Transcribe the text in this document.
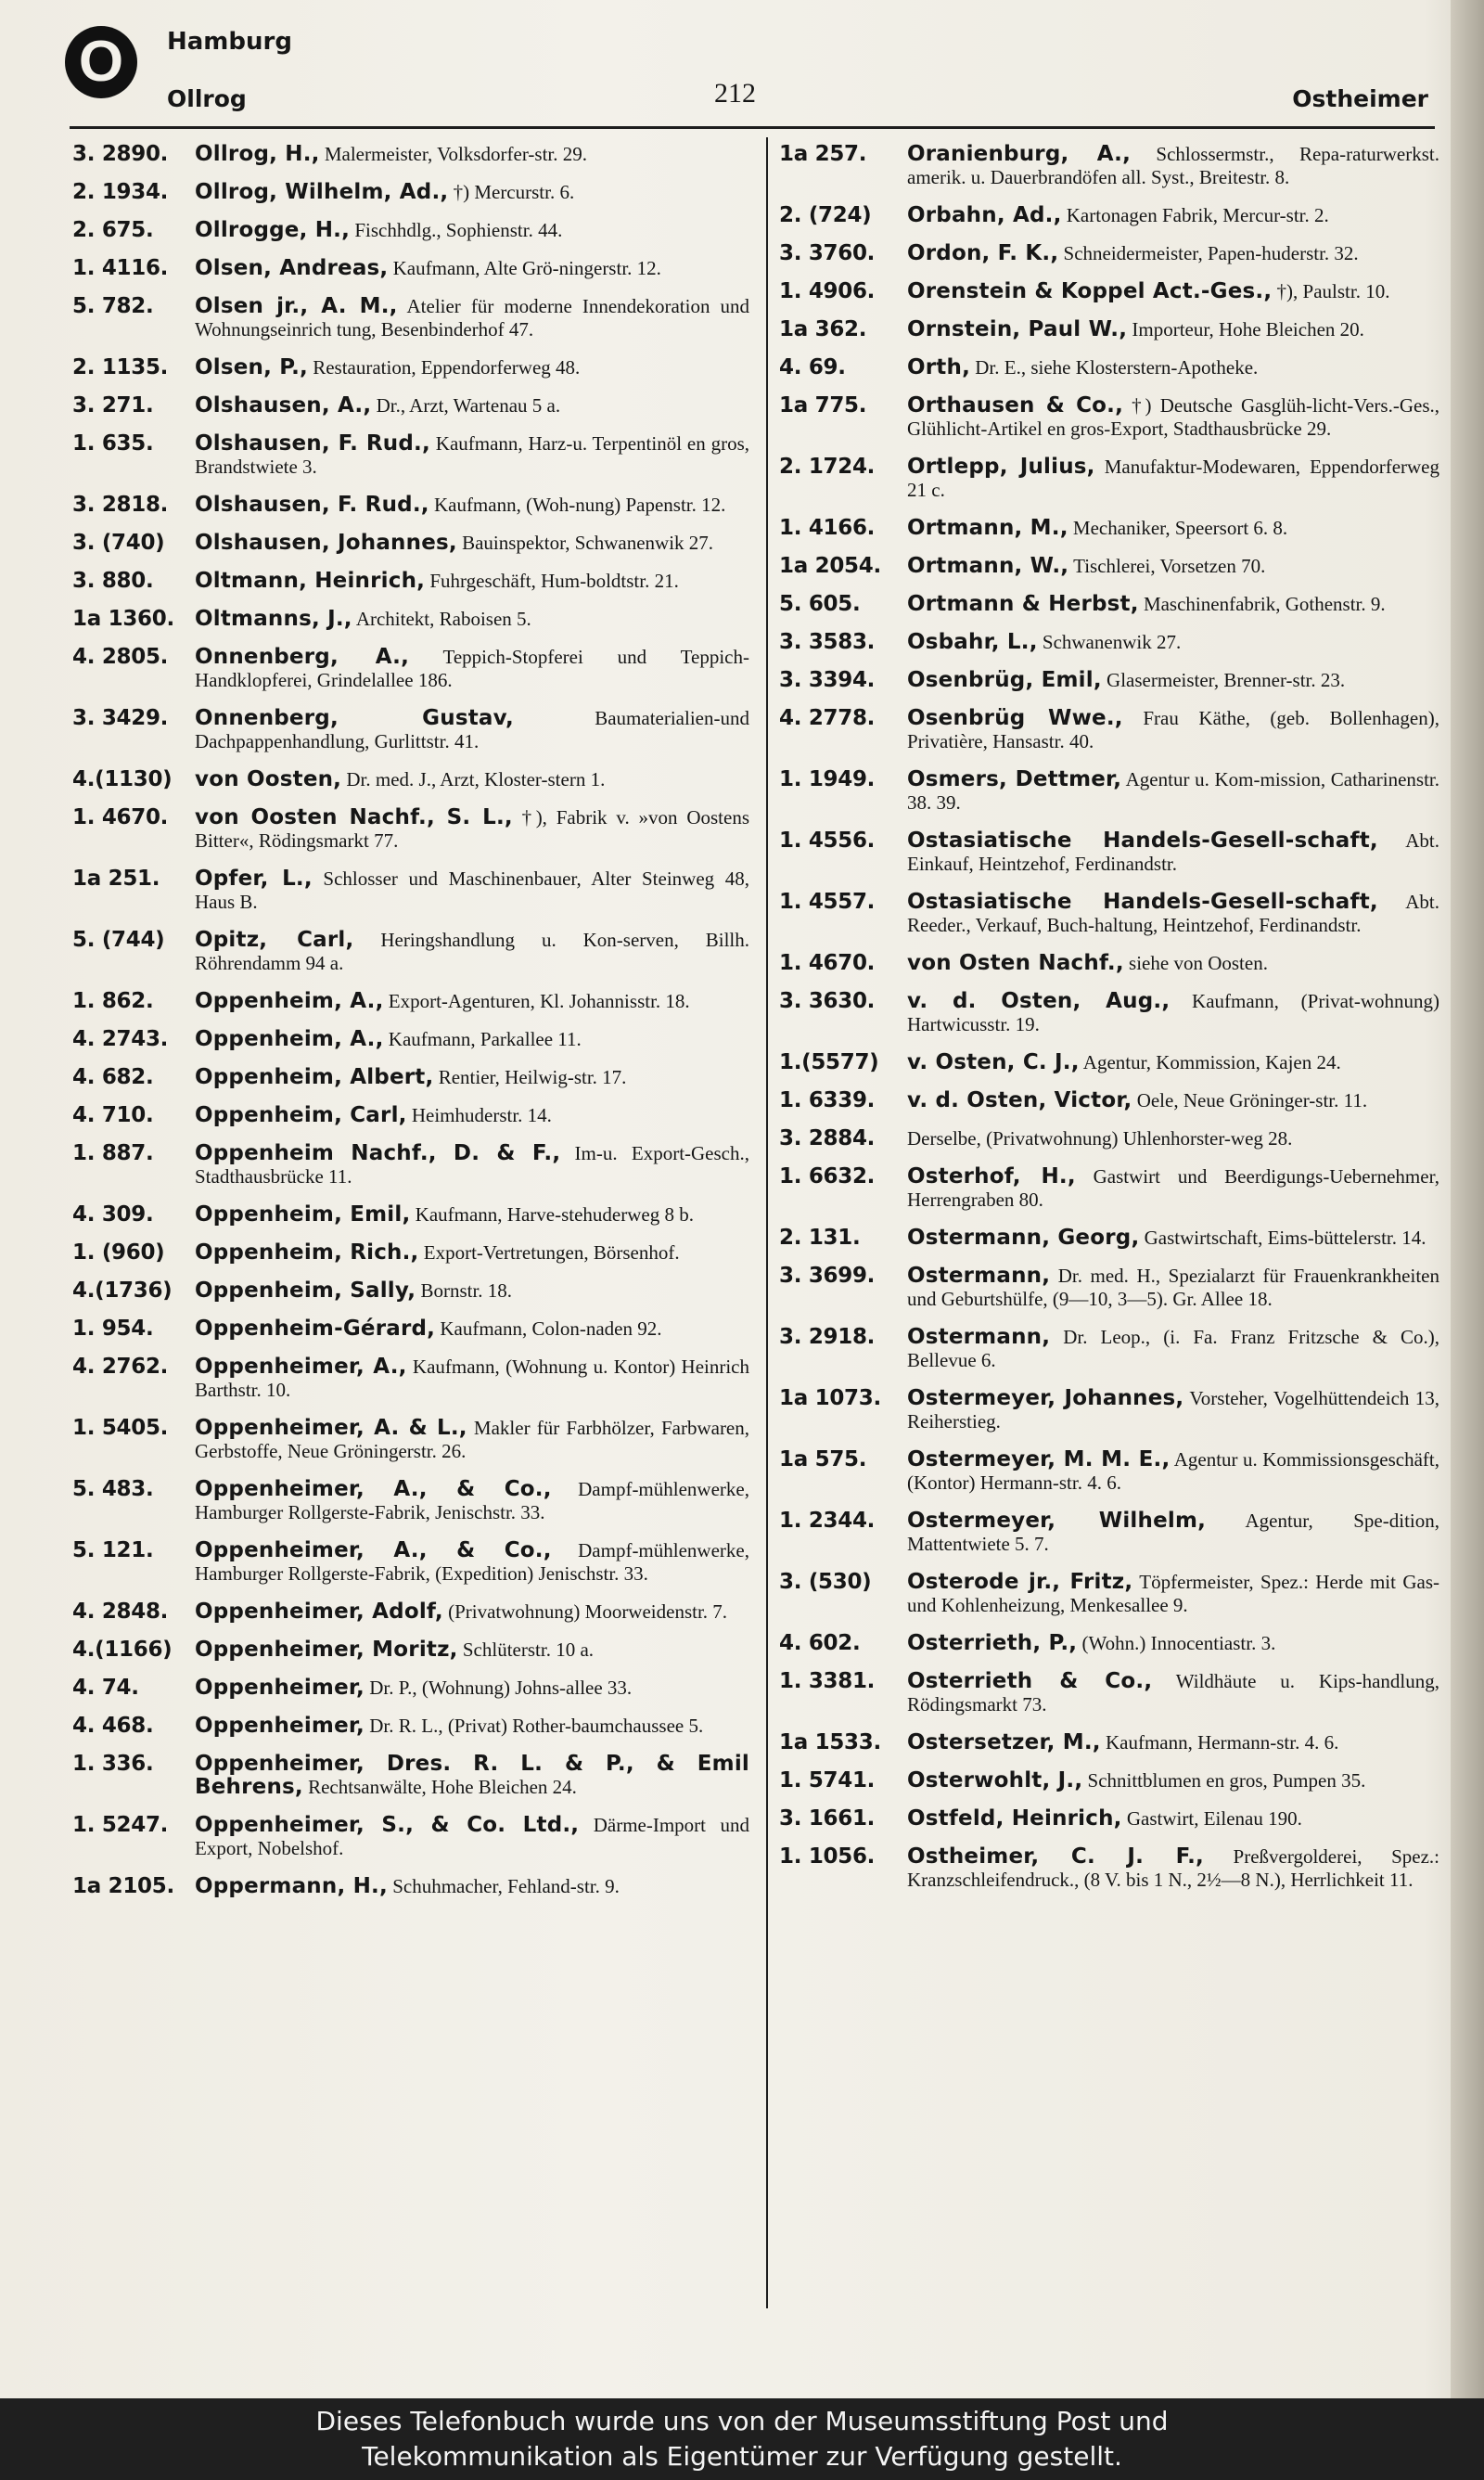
O	Hamburg
Ollrog	212	Ostheimer
3. 2890.	Ollrog, H., Malermeister, Volksdorfer-str. 29.
2. 1934.	Ollrog, Wilhelm, Ad., †) Mercurstr. 6.
2. 675.	Ollrogge, H., Fischhdlg., Sophienstr. 44.
1. 4116.	Olsen, Andreas, Kaufmann, Alte Grö-ningerstr. 12.
5. 782.	Olsen jr., A. M., Atelier für moderne Innendekoration und Wohnungseinrich tung, Besenbinderhof 47.
2. 1135.	Olsen, P., Restauration, Eppendorferweg 48.
3. 271.	Olshausen, A., Dr., Arzt, Wartenau 5 a.
1. 635.	Olshausen, F. Rud., Kaufmann, Harz-u. Terpentinöl en gros, Brandstwiete 3.
3. 2818.	Olshausen, F. Rud., Kaufmann, (Woh-nung) Papenstr. 12.
3. (740)	Olshausen, Johannes, Bauinspektor, Schwanenwik 27.
3. 880.	Oltmann, Heinrich, Fuhrgeschäft, Hum-boldtstr. 21.
1a 1360. Oltmanns, J., Architekt, Raboisen 5.
4. 2805.	Onnenberg, A., Teppich-Stopferei und Teppich-Handklopferei, Grindelallee 186.
3. 3429.	Onnenberg, Gustav, Baumaterialien-und Dachpappenhandlung, Gurlittstr. 41.
4.(1130)	von Oosten, Dr. med. J., Arzt, Kloster-stern 1.
1. 4670.	von Oosten Nachf., S. L., †), Fabrik v. »von Oostens Bitter«, Rödingsmarkt 77.
1a 251.	Opfer, L., Schlosser und Maschinenbauer, Alter Steinweg 48, Haus B.
5. (744)	Opitz, Carl, Heringshandlung u. Kon-serven, Billh. Röhrendamm 94 a.
1. 862.	Oppenheim, A., Export-Agenturen, Kl. Johannisstr. 18.
4. 2743.	Oppenheim, A., Kaufmann, Parkallee 11.
4. 682.	Oppenheim, Albert, Rentier, Heilwig-str. 17.
4. 710.	Oppenheim, Carl, Heimhuderstr. 14.
1. 887.	Oppenheim Nachf., D. & F., Im-u. Export-Gesch., Stadthausbrücke 11.
4. 309.	Oppenheim, Emil, Kaufmann, Harve-stehuderweg 8 b.
1. (960)	Oppenheim, Rich., Export-Vertretungen, Börsenhof.
4.(1736)	Oppenheim, Sally, Bornstr. 18.
1. 954.	Oppenheim-Gérard, Kaufmann, Colon-naden 92.
4. 2762.	Oppenheimer, A., Kaufmann, (Wohnung u. Kontor) Heinrich Barthstr. 10.
1. 5405.	Oppenheimer, A. & L., Makler für Farbhölzer, Farbwaren, Gerbstoffe, Neue Gröningerstr. 26.
5. 483.	Oppenheimer, A., & Co., Dampf-mühlenwerke, Hamburger Rollgerste-Fabrik, Jenischstr. 33.
5. 121.	Oppenheimer, A., & Co., Dampf-mühlenwerke, Hamburger Rollgerste-Fabrik, (Expedition) Jenischstr. 33.
4. 2848.	Oppenheimer, Adolf, (Privatwohnung) Moorweidenstr. 7.
4.(1166)	Oppenheimer, Moritz, Schlüterstr. 10 a.
4. 74.	Oppenheimer, Dr. P., (Wohnung) Johns-allee 33.
4. 468.	Oppenheimer, Dr. R. L., (Privat) Rother-baumchaussee 5.
1. 336.	Oppenheimer, Dres. R. L. & P., & Emil Behrens, Rechtsanwälte, Hohe Bleichen 24.
1. 5247.	Oppenheimer, S., & Co. Ltd., Därme-Import und Export, Nobelshof.
1a 2105. Oppermann, H., Schuhmacher, Fehland-str. 9.
1a 257.	Oranienburg, A., Schlossermstr., Repa-raturwerkst. amerik. u. Dauerbrandöfen all. Syst., Breitestr. 8.
2. (724)	Orbahn, Ad., Kartonagen Fabrik, Mercur-str. 2.
3. 3760.	Ordon, F. K., Schneidermeister, Papen-huderstr. 32.
1. 4906.	Orenstein & Koppel Act.-Ges., †), Paulstr. 10.
1a 362.	Ornstein, Paul W., Importeur, Hohe Bleichen 20.
4. 69.	Orth, Dr. E., siehe Klosterstern-Apotheke.
1a 775.	Orthausen & Co., †) Deutsche Gasglüh-licht-Vers.-Ges., Glühlicht-Artikel en gros-Export, Stadthausbrücke 29.
2. 1724.	Ortlepp, Julius, Manufaktur-Modewaren, Eppendorferweg 21 c.
1. 4166.	Ortmann, M., Mechaniker, Speersort 6. 8.
1a 2054.	Ortmann, W., Tischlerei, Vorsetzen 70.
5. 605.	Ortmann & Herbst, Maschinenfabrik, Gothenstr. 9.
3. 3583.	Osbahr, L., Schwanenwik 27.
3. 3394.	Osenbrüg, Emil, Glasermeister, Brenner-str. 23.
4. 2778.	Osenbrüg Wwe., Frau Käthe, (geb. Bollenhagen), Privatière, Hansastr. 40.
1. 1949.	Osmers, Dettmer, Agentur u. Kom-mission, Catharinenstr. 38. 39.
1. 4556.	Ostasiatische Handels-Gesell-schaft, Abt. Einkauf, Heintzehof, Ferdinandstr.
1. 4557.	Ostasiatische Handels-Gesell-schaft, Abt. Reeder., Verkauf, Buch-haltung, Heintzehof, Ferdinandstr.
1. 4670.	von Osten Nachf., siehe von Oosten.
3. 3630.	v. d. Osten, Aug., Kaufmann, (Privat-wohnung) Hartwicusstr. 19.
1.(5577)	v. Osten, C. J., Agentur, Kommission, Kajen 24.
1. 6339.	v. d. Osten, Victor, Oele, Neue Gröninger-str. 11.
3. 2884.	Derselbe, (Privatwohnung) Uhlenhorster-weg 28.
1. 6632.	Osterhof, H., Gastwirt und Beerdigungs-Uebernehmer, Herrengraben 80.
2. 131.	Ostermann, Georg, Gastwirtschaft, Eims-büttelerstr. 14.
3. 3699.	Ostermann, Dr. med. H., Spezialarzt für Frauenkrankheiten und Geburtshülfe, (9—10, 3—5). Gr. Allee 18.
3. 2918.	Ostermann, Dr. Leop., (i. Fa. Franz Fritzsche & Co.), Bellevue 6.
1a 1073.	Ostermeyer, Johannes, Vorsteher, Vogelhüttendeich 13, Reiherstieg.
1a 575.	Ostermeyer, M. M. E., Agentur u. Kommissionsgeschäft, (Kontor) Hermann-str. 4. 6.
1. 2344.	Ostermeyer, Wilhelm, Agentur, Spe-dition, Mattentwiete 5. 7.
3. (530)	Osterode jr., Fritz, Töpfermeister, Spez.: Herde mit Gas- und Kohlenheizung, Menkesallee 9.
4. 602.	Osterrieth, P., (Wohn.) Innocentiastr. 3.
1. 3381.	Osterrieth & Co., Wildhäute u. Kips-handlung, Rödingsmarkt 73.
1a 1533.	Ostersetzer, M., Kaufmann, Hermann-str. 4. 6.
1. 5741.	Osterwohlt, J., Schnittblumen en gros, Pumpen 35.
3. 1661.	Ostfeld, Heinrich, Gastwirt, Eilenau 190.
1. 1056.	Ostheimer, C. J. F., Preßvergolderei, Spez.: Kranzschleifendruck., (8 V. bis 1 N., 2½—8 N.), Herrlichkeit 11.
Dieses Telefonbuch wurde uns von der Museumsstiftung Post und
Telekommunikation als Eigentümer zur Verfügung gestellt.
